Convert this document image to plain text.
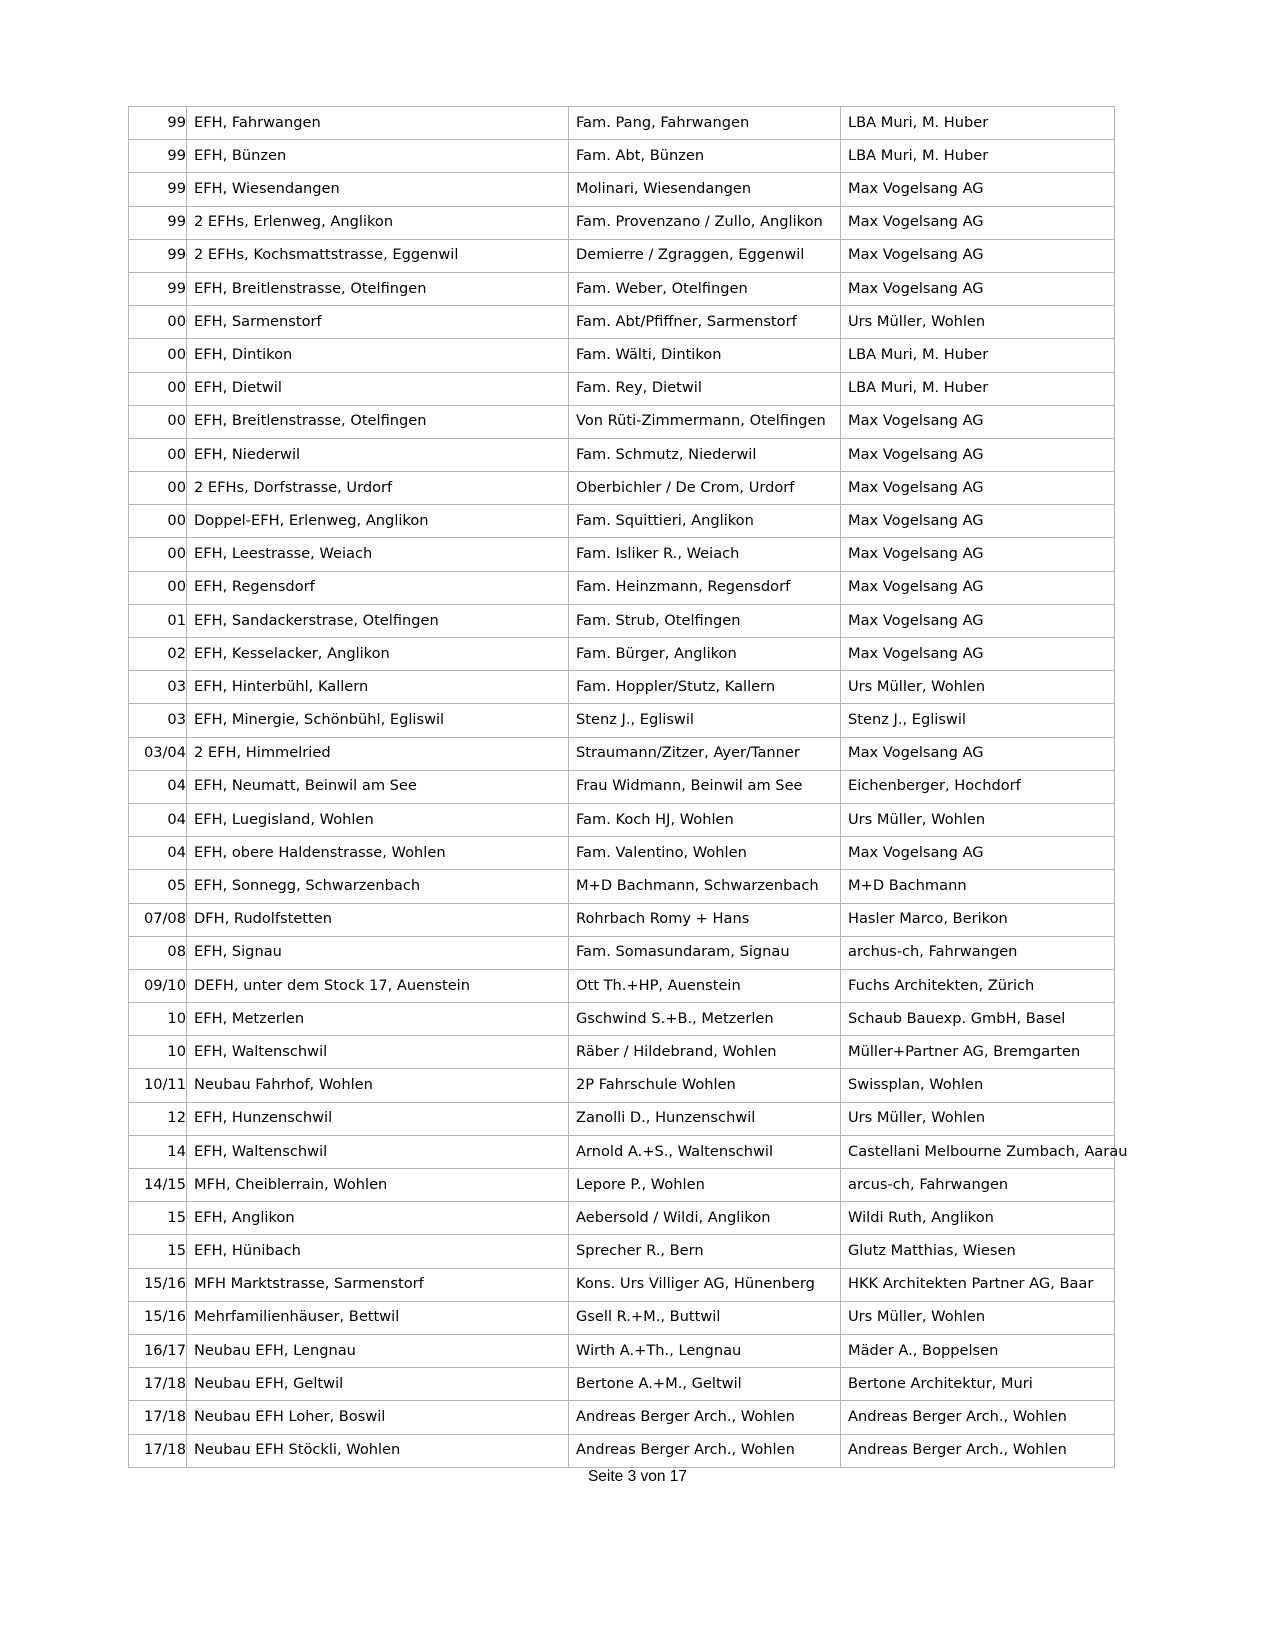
99	EFH, Fahrwangen	Fam. Pang, Fahrwangen	LBA Muri, M. Huber
99	EFH, Bünzen	Fam. Abt, Bünzen	LBA Muri, M. Huber
99	EFH, Wiesendangen	Molinari, Wiesendangen	Max Vogelsang AG
99	2 EFHs, Erlenweg, Anglikon	Fam. Provenzano / Zullo, Anglikon	Max Vogelsang AG
99	2 EFHs, Kochsmattstrasse, Eggenwil	Demierre / Zgraggen, Eggenwil	Max Vogelsang AG
99	EFH, Breitlenstrasse, Otelfingen	Fam. Weber, Otelfingen	Max Vogelsang AG
00	EFH, Sarmenstorf	Fam. Abt/Pfiffner, Sarmenstorf	Urs Müller, Wohlen
00	EFH, Dintikon	Fam. Wälti, Dintikon	LBA Muri, M. Huber
00	EFH, Dietwil	Fam. Rey, Dietwil	LBA Muri, M. Huber
00	EFH, Breitlenstrasse, Otelfingen	Von Rüti-Zimmermann, Otelfingen	Max Vogelsang AG
00	EFH, Niederwil	Fam. Schmutz, Niederwil	Max Vogelsang AG
00	2 EFHs, Dorfstrasse, Urdorf	Oberbichler / De Crom, Urdorf	Max Vogelsang AG
00	Doppel-EFH, Erlenweg, Anglikon	Fam. Squittieri, Anglikon	Max Vogelsang AG
00	EFH, Leestrasse, Weiach	Fam. Isliker R., Weiach	Max Vogelsang AG
00	EFH, Regensdorf	Fam. Heinzmann, Regensdorf	Max Vogelsang AG
01	EFH, Sandackerstrase, Otelfingen	Fam. Strub, Otelfingen	Max Vogelsang AG
02	EFH, Kesselacker, Anglikon	Fam. Bürger, Anglikon	Max Vogelsang AG
03	EFH, Hinterbühl, Kallern	Fam. Hoppler/Stutz, Kallern	Urs Müller, Wohlen
03	EFH, Minergie, Schönbühl, Egliswil	Stenz J., Egliswil	Stenz J., Egliswil
03/04	2 EFH, Himmelried	Straumann/Zitzer, Ayer/Tanner	Max Vogelsang AG
04	EFH, Neumatt, Beinwil am See	Frau Widmann, Beinwil am See	Eichenberger, Hochdorf
04	EFH, Luegisland, Wohlen	Fam. Koch HJ, Wohlen	Urs Müller, Wohlen
04	EFH, obere Haldenstrasse, Wohlen	Fam. Valentino, Wohlen	Max Vogelsang AG
05	EFH, Sonnegg, Schwarzenbach	M+D Bachmann, Schwarzenbach	M+D Bachmann
07/08	DFH, Rudolfstetten	Rohrbach Romy + Hans	Hasler Marco, Berikon
08	EFH, Signau	Fam. Somasundaram, Signau	archus-ch, Fahrwangen
09/10	DEFH, unter dem Stock 17, Auenstein	Ott Th.+HP, Auenstein	Fuchs Architekten, Zürich
10	EFH, Metzerlen	Gschwind S.+B., Metzerlen	Schaub Bauexp. GmbH, Basel
10	EFH, Waltenschwil	Räber / Hildebrand, Wohlen	Müller+Partner AG, Bremgarten
10/11	Neubau Fahrhof, Wohlen	2P Fahrschule Wohlen	Swissplan, Wohlen
12	EFH, Hunzenschwil	Zanolli D., Hunzenschwil	Urs Müller, Wohlen
14	EFH, Waltenschwil	Arnold A.+S., Waltenschwil	Castellani Melbourne Zumbach, Aarau
14/15	MFH, Cheiblerrain, Wohlen	Lepore P., Wohlen	arcus-ch, Fahrwangen
15	EFH, Anglikon	Aebersold / Wildi, Anglikon	Wildi Ruth, Anglikon
15	EFH, Hünibach	Sprecher R., Bern	Glutz Matthias, Wiesen
15/16	MFH Marktstrasse, Sarmenstorf	Kons. Urs Villiger AG, Hünenberg	HKK Architekten Partner AG, Baar
15/16	Mehrfamilienhäuser, Bettwil	Gsell R.+M., Buttwil	Urs Müller, Wohlen
16/17	Neubau EFH, Lengnau	Wirth A.+Th., Lengnau	Mäder A., Boppelsen
17/18	Neubau EFH, Geltwil	Bertone A.+M., Geltwil	Bertone Architektur, Muri
17/18	Neubau EFH Loher, Boswil	Andreas Berger Arch., Wohlen	Andreas Berger Arch., Wohlen
17/18	Neubau EFH Stöckli, Wohlen	Andreas Berger Arch., Wohlen	Andreas Berger Arch., Wohlen
Seite 3 von 17
